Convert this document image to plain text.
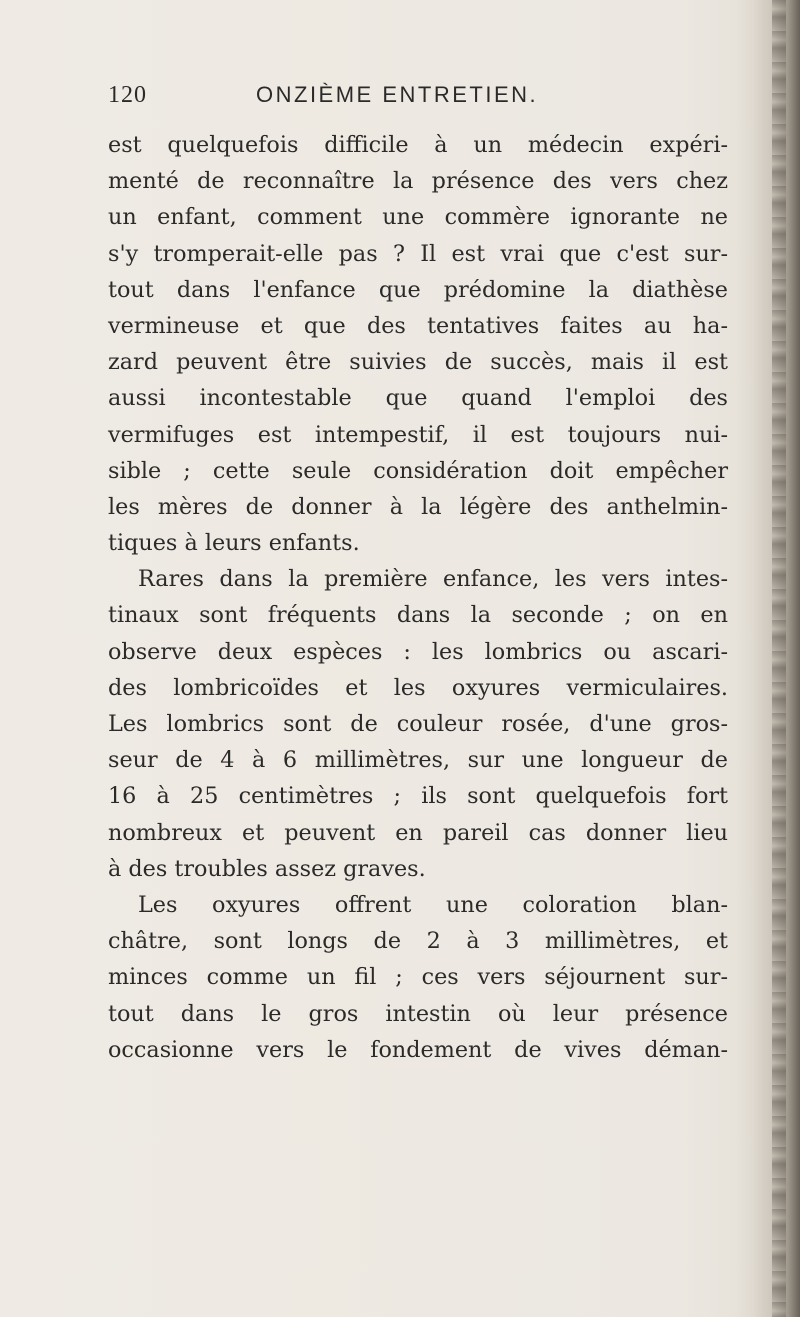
120	ONZIÈME ENTRETIEN.
est quelquefois difficile à un médecin expéri-
menté de reconnaître la présence des vers chez
un enfant, comment une commère ignorante ne
s'y tromperait-elle pas ? Il est vrai que c'est sur-
tout dans l'enfance que prédomine la diathèse
vermineuse et que des tentatives faites au ha-
zard peuvent être suivies de succès, mais il est
aussi incontestable que quand l'emploi des
vermifuges est intempestif, il est toujours nui-
sible ; cette seule considération doit empêcher
les mères de donner à la légère des anthelmin-
tiques à leurs enfants.
Rares dans la première enfance, les vers intes-
tinaux sont fréquents dans la seconde ; on en
observe deux espèces : les lombrics ou ascari-
des lombricoïdes et les oxyures vermiculaires.
Les lombrics sont de couleur rosée, d'une gros-
seur de 4 à 6 millimètres, sur une longueur de
16 à 25 centimètres ; ils sont quelquefois fort
nombreux et peuvent en pareil cas donner lieu
à des troubles assez graves.
Les oxyures offrent une coloration blan-
châtre, sont longs de 2 à 3 millimètres, et
minces comme un fil ; ces vers séjournent sur-
tout dans le gros intestin où leur présence
occasionne vers le fondement de vives déman-
